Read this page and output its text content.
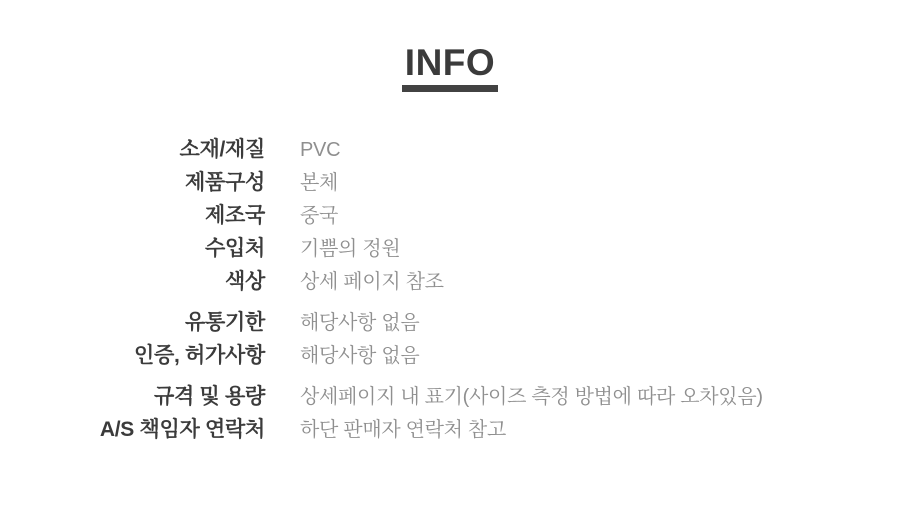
INFO
소재/재질 PVC
제품구성 본체
제조국 중국
수입처 기쁨의 정원
색상 상세 페이지 참조
유통기한 해당사항 없음
인증, 허가사항 해당사항 없음
규격 및 용량 상세페이지 내 표기(사이즈 측정 방법에 따라 오차있음)
A/S 책임자 연락처 하단 판매자 연락처 참고
